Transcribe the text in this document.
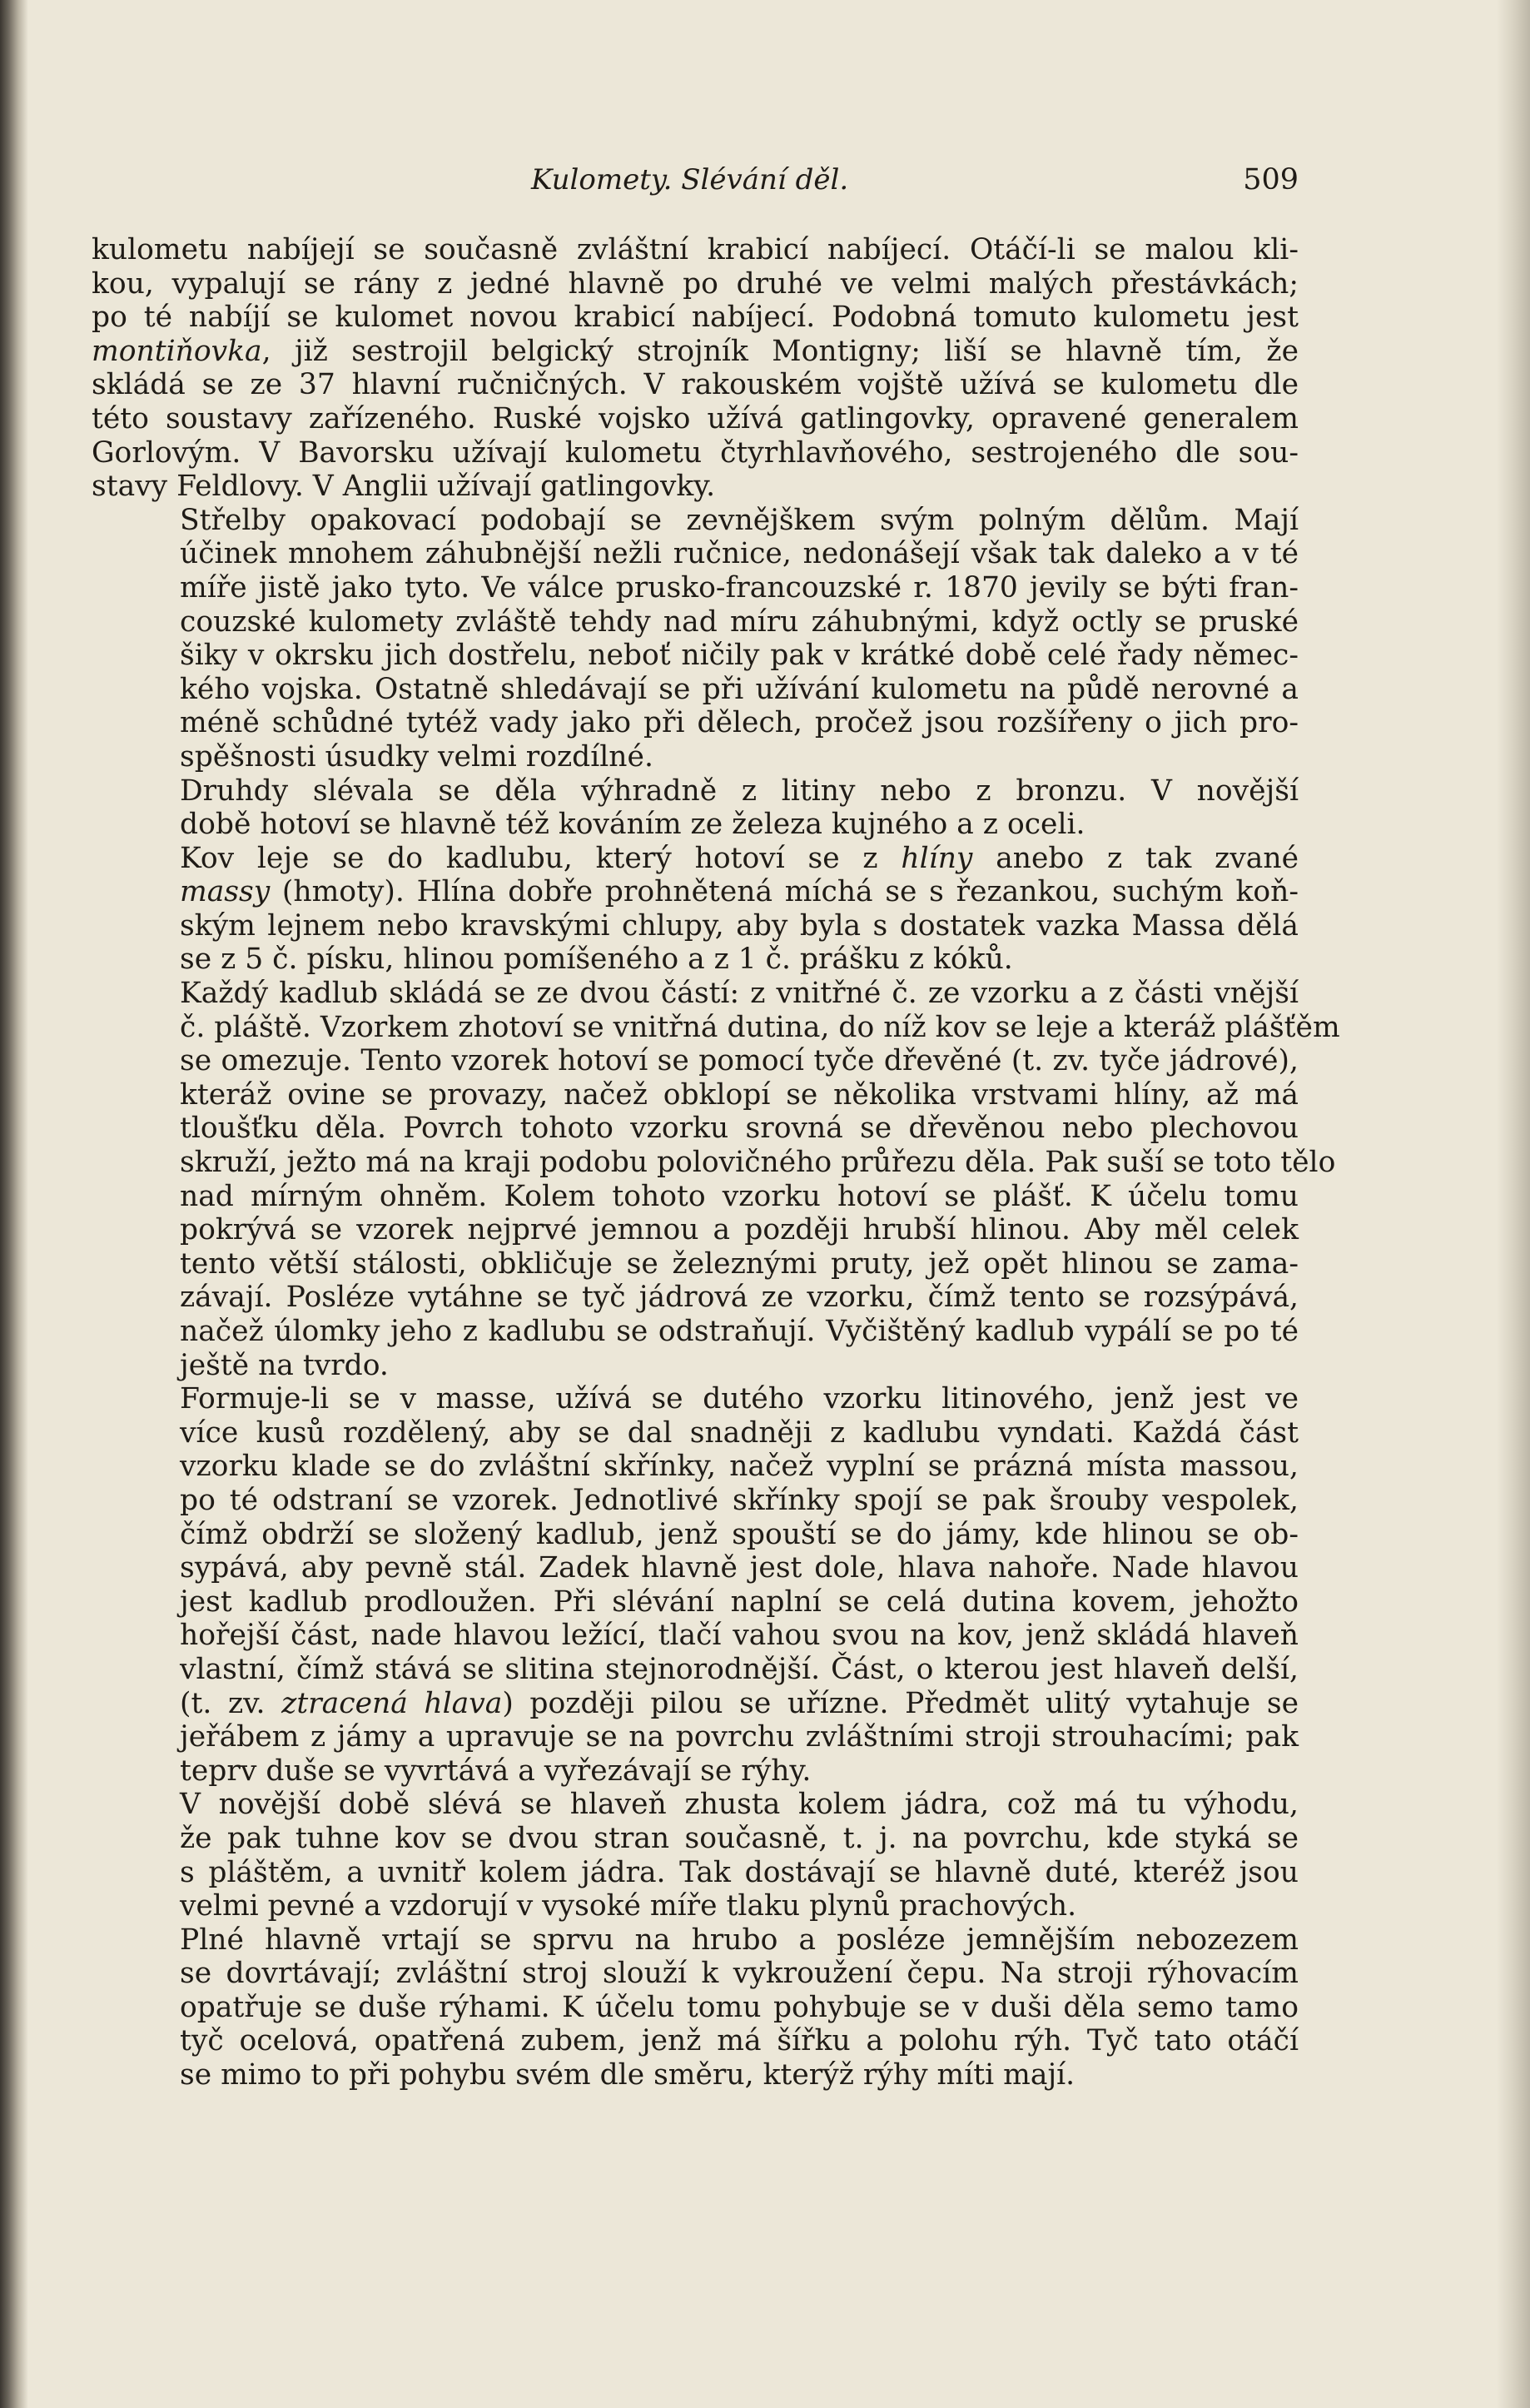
Kulomety. Slévání děl.	509
kulometu nabíjejí se současně zvláštní krabicí nabíjecí. Otáčí-li se malou kli-
kou, vypalují se rány z jedné hlavně po druhé ve velmi malých přestávkách;
po té nabíjí se kulomet novou krabicí nabíjecí. Podobná tomuto kulometu jest
montiňovka, již sestrojil belgický strojník Montigny; liší se hlavně tím, že
skládá se ze 37 hlavní ručničných. V rakouském vojště užívá se kulometu dle
této soustavy zařízeného. Ruské vojsko užívá gatlingovky, opravené generalem
Gorlovým. V Bavorsku užívají kulometu čtyrhlavňového, sestrojeného dle sou-
stavy Feldlovy. V Anglii užívají gatlingovky.
Střelby opakovací podobají se zevnějškem svým polným dělům. Mají
účinek mnohem záhubnější nežli ručnice, nedonášejí však tak daleko a v té
míře jistě jako tyto. Ve válce prusko-francouzské r. 1870 jevily se býti fran-
couzské kulomety zvláště tehdy nad míru záhubnými, když octly se pruské
šiky v okrsku jich dostřelu, neboť ničily pak v krátké době celé řady němec-
kého vojska. Ostatně shledávají se při užívání kulometu na půdě nerovné a
méně schůdné tytéž vady jako při dělech, pročež jsou rozšířeny o jich pro-
spěšnosti úsudky velmi rozdílné.
Druhdy slévala se děla výhradně z litiny nebo z bronzu. V novější
době hotoví se hlavně též kováním ze železa kujného a z oceli.
Kov leje se do kadlubu, který hotoví se z hlíny anebo z tak zvané
massy (hmoty). Hlína dobře prohnětená míchá se s řezankou, suchým koň-
ským lejnem nebo kravskými chlupy, aby byla s dostatek vazka Massa dělá
se z 5 č. písku, hlinou pomíšeného a z 1 č. prášku z kóků.
Každý kadlub skládá se ze dvou částí: z vnitřné č. ze vzorku a z části vnější
č. pláště. Vzorkem zhotoví se vnitřná dutina, do níž kov se leje a kteráž plášťěm
se omezuje. Tento vzorek hotoví se pomocí tyče dřevěné (t. zv. tyče jádrové),
kteráž ovine se provazy, načež obklopí se několika vrstvami hlíny, až má
tloušťku děla. Povrch tohoto vzorku srovná se dřevěnou nebo plechovou
skruží, ježto má na kraji podobu polovičného průřezu děla. Pak suší se toto tělo
nad mírným ohněm. Kolem tohoto vzorku hotoví se plášť. K účelu tomu
pokrývá se vzorek nejprvé jemnou a později hrubší hlinou. Aby měl celek
tento větší stálosti, obkličuje se železnými pruty, jež opět hlinou se zama-
závají. Posléze vytáhne se tyč jádrová ze vzorku, čímž tento se rozsýpává,
načež úlomky jeho z kadlubu se odstraňují. Vyčištěný kadlub vypálí se po té
ještě na tvrdo.
Formuje-li se v masse, užívá se dutého vzorku litinového, jenž jest ve
více kusů rozdělený, aby se dal snadněji z kadlubu vyndati. Každá část
vzorku klade se do zvláštní skřínky, načež vyplní se prázná místa massou,
po té odstraní se vzorek. Jednotlivé skřínky spojí se pak šrouby vespolek,
čímž obdrží se složený kadlub, jenž spouští se do jámy, kde hlinou se ob-
sypává, aby pevně stál. Zadek hlavně jest dole, hlava nahoře. Nade hlavou
jest kadlub prodloužen. Při slévání naplní se celá dutina kovem, jehožto
hořejší část, nade hlavou ležící, tlačí vahou svou na kov, jenž skládá hlaveň
vlastní, čímž stává se slitina stejnorodnější. Část, o kterou jest hlaveň delší,
(t. zv. ztracená hlava) později pilou se uřízne. Předmět ulitý vytahuje se
jeřábem z jámy a upravuje se na povrchu zvláštními stroji strouhacími; pak
teprv duše se vyvrtává a vyřezávají se rýhy.
V novější době slévá se hlaveň zhusta kolem jádra, což má tu výhodu,
že pak tuhne kov se dvou stran současně, t. j. na povrchu, kde styká se
s pláštěm, a uvnitř kolem jádra. Tak dostávají se hlavně duté, kteréž jsou
velmi pevné a vzdorují v vysoké míře tlaku plynů prachových.
Plné hlavně vrtají se sprvu na hrubo a posléze jemnějším nebozezem
se dovrtávají; zvláštní stroj slouží k vykroužení čepu. Na stroji rýhovacím
opatřuje se duše rýhami. K účelu tomu pohybuje se v duši děla semo tamo
tyč ocelová, opatřená zubem, jenž má šířku a polohu rýh. Tyč tato otáčí
se mimo to při pohybu svém dle směru, kterýž rýhy míti mají.
